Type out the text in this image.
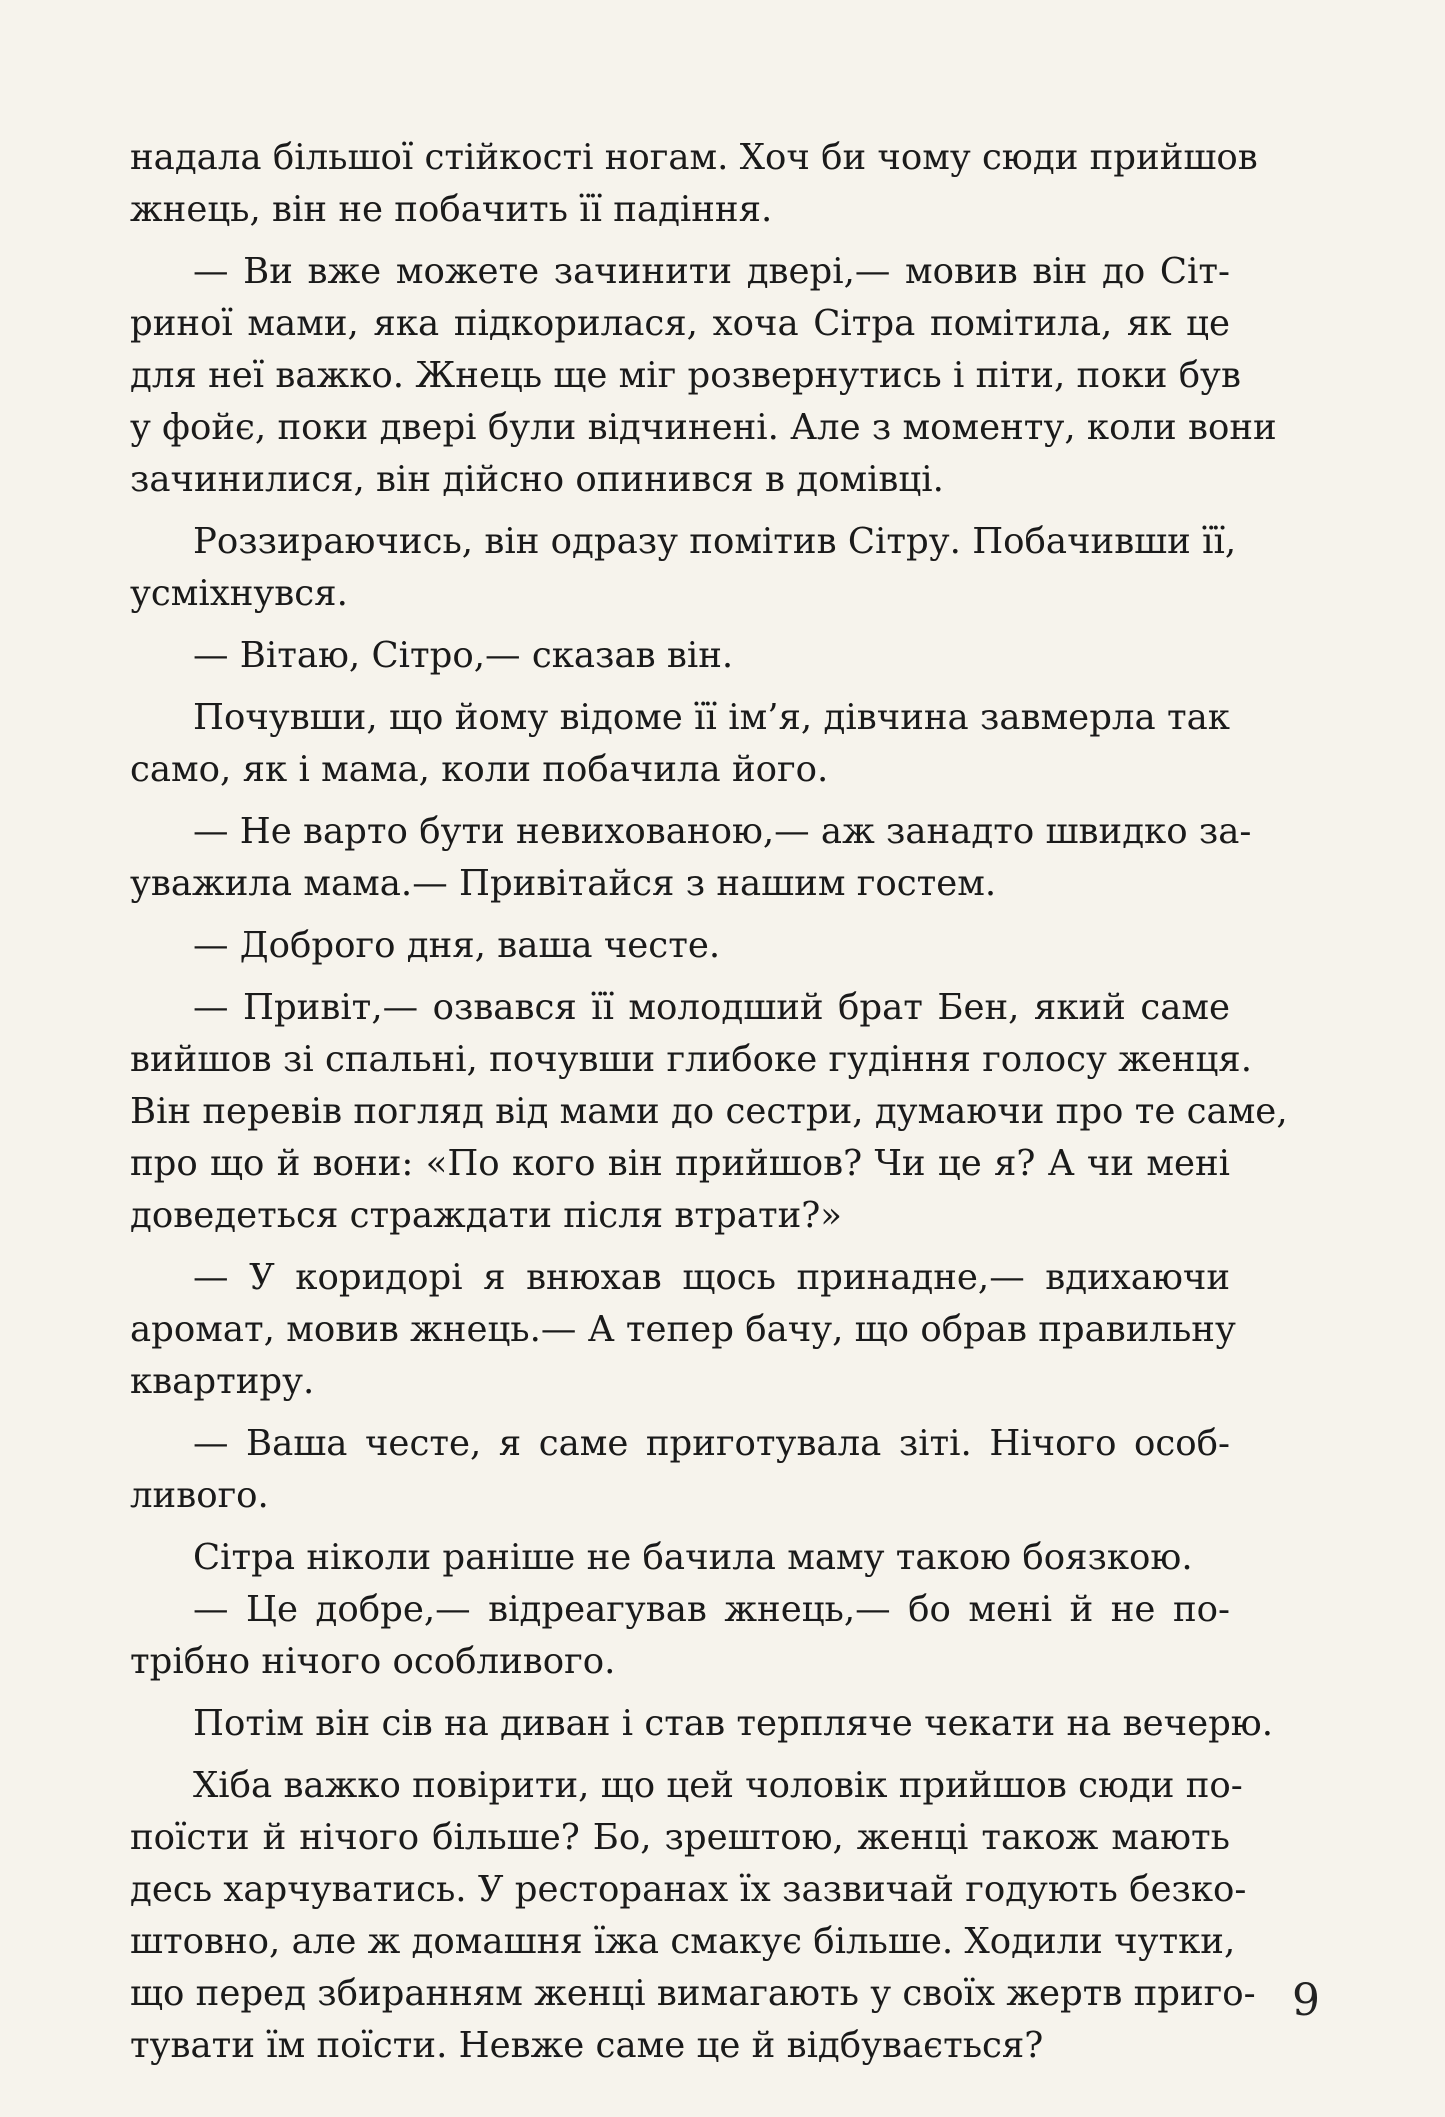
надала більшої стійкості ногам. Хоч би чому сюди прийшов
жнець, він не побачить її падіння.
— Ви вже можете зачинити двері,— мовив він до Сіт-
риної мами, яка підкорилася, хоча Сітра помітила, як це
для неї важко. Жнець ще міг розвернутись і піти, поки був
у фойє, поки двері були відчинені. Але з моменту, коли вони
зачинилися, він дійсно опинився в домівці.
Роззираючись, він одразу помітив Сітру. Побачивши її,
усміхнувся.
— Вітаю, Сітро,— сказав він.
Почувши, що йому відоме її ім’я, дівчина завмерла так
само, як і мама, коли побачила його.
— Не варто бути невихованою,— аж занадто швидко за-
уважила мама.— Привітайся з нашим гостем.
— Доброго дня, ваша честе.
— Привіт,— озвався її молодший брат Бен, який саме
вийшов зі спальні, почувши глибоке гудіння голосу женця.
Він перевів погляд від мами до сестри, думаючи про те саме,
про що й вони: «По кого він прийшов? Чи це я? А чи мені
доведеться страждати після втрати?»
— У коридорі я внюхав щось принадне,— вдихаючи
аромат, мовив жнець.— А тепер бачу, що обрав правильну
квартиру.
— Ваша честе, я саме приготувала зіті. Нічого особ-
ливого.
Сітра ніколи раніше не бачила маму такою боязкою.
— Це добре,— відреагував жнець,— бо мені й не по-
трібно нічого особливого.
Потім він сів на диван і став терпляче чекати на вечерю.
Хіба важко повірити, що цей чоловік прийшов сюди по-
поїсти й нічого більше? Бо, зрештою, женці також мають
десь харчуватись. У ресторанах їх зазвичай годують безко-
штовно, але ж домашня їжа смакує більше. Ходили чутки,
що перед збиранням женці вимагають у своїх жертв приго-
тувати їм поїсти. Невже саме це й відбувається?
9
